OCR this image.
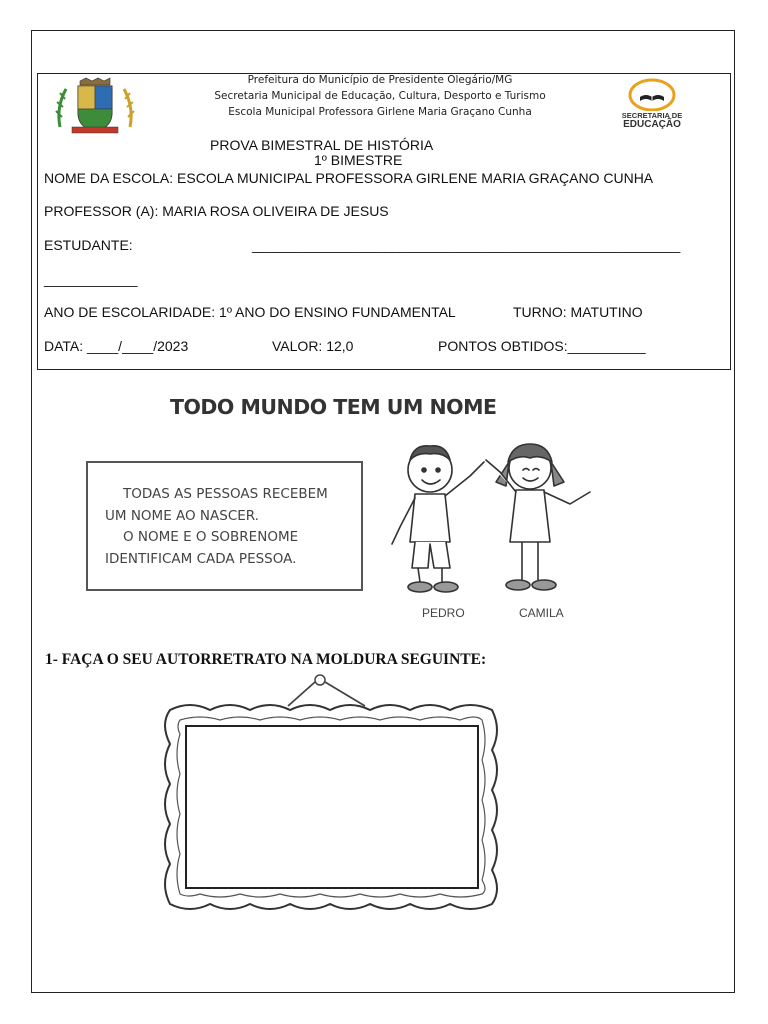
Prefeitura do Município de Presidente Olegário/MG
Secretaria Municipal de Educação, Cultura, Desporto e Turismo
Escola Municipal Professora Girlene Maria Graçano Cunha	SECRETARIA DE
EDUCAÇÃO
PROVA BIMESTRAL DE HISTÓRIA
1º BIMESTRE
NOME DA ESCOLA: ESCOLA MUNICIPAL PROFESSORA GIRLENE MARIA GRAÇANO CUNHA
PROFESSOR (A): MARIA ROSA OLIVEIRA DE JESUS
ESTUDANTE:	_______________________________________________________
____________
ANO DE ESCOLARIDADE: 1º ANO DO ENSINO FUNDAMENTAL	TURNO: MATUTINO
DATA: ____/____/2023	VALOR: 12,0	PONTOS OBTIDOS:__________
TODO MUNDO TEM UM NOME
TODAS AS PESSOAS RECEBEM
UM NOME AO NASCER.
O NOME E O SOBRENOME
IDENTIFICAM CADA PESSOA.
PEDRO	CAMILA
1- FAÇA O SEU AUTORRETRATO NA MOLDURA SEGUINTE:
